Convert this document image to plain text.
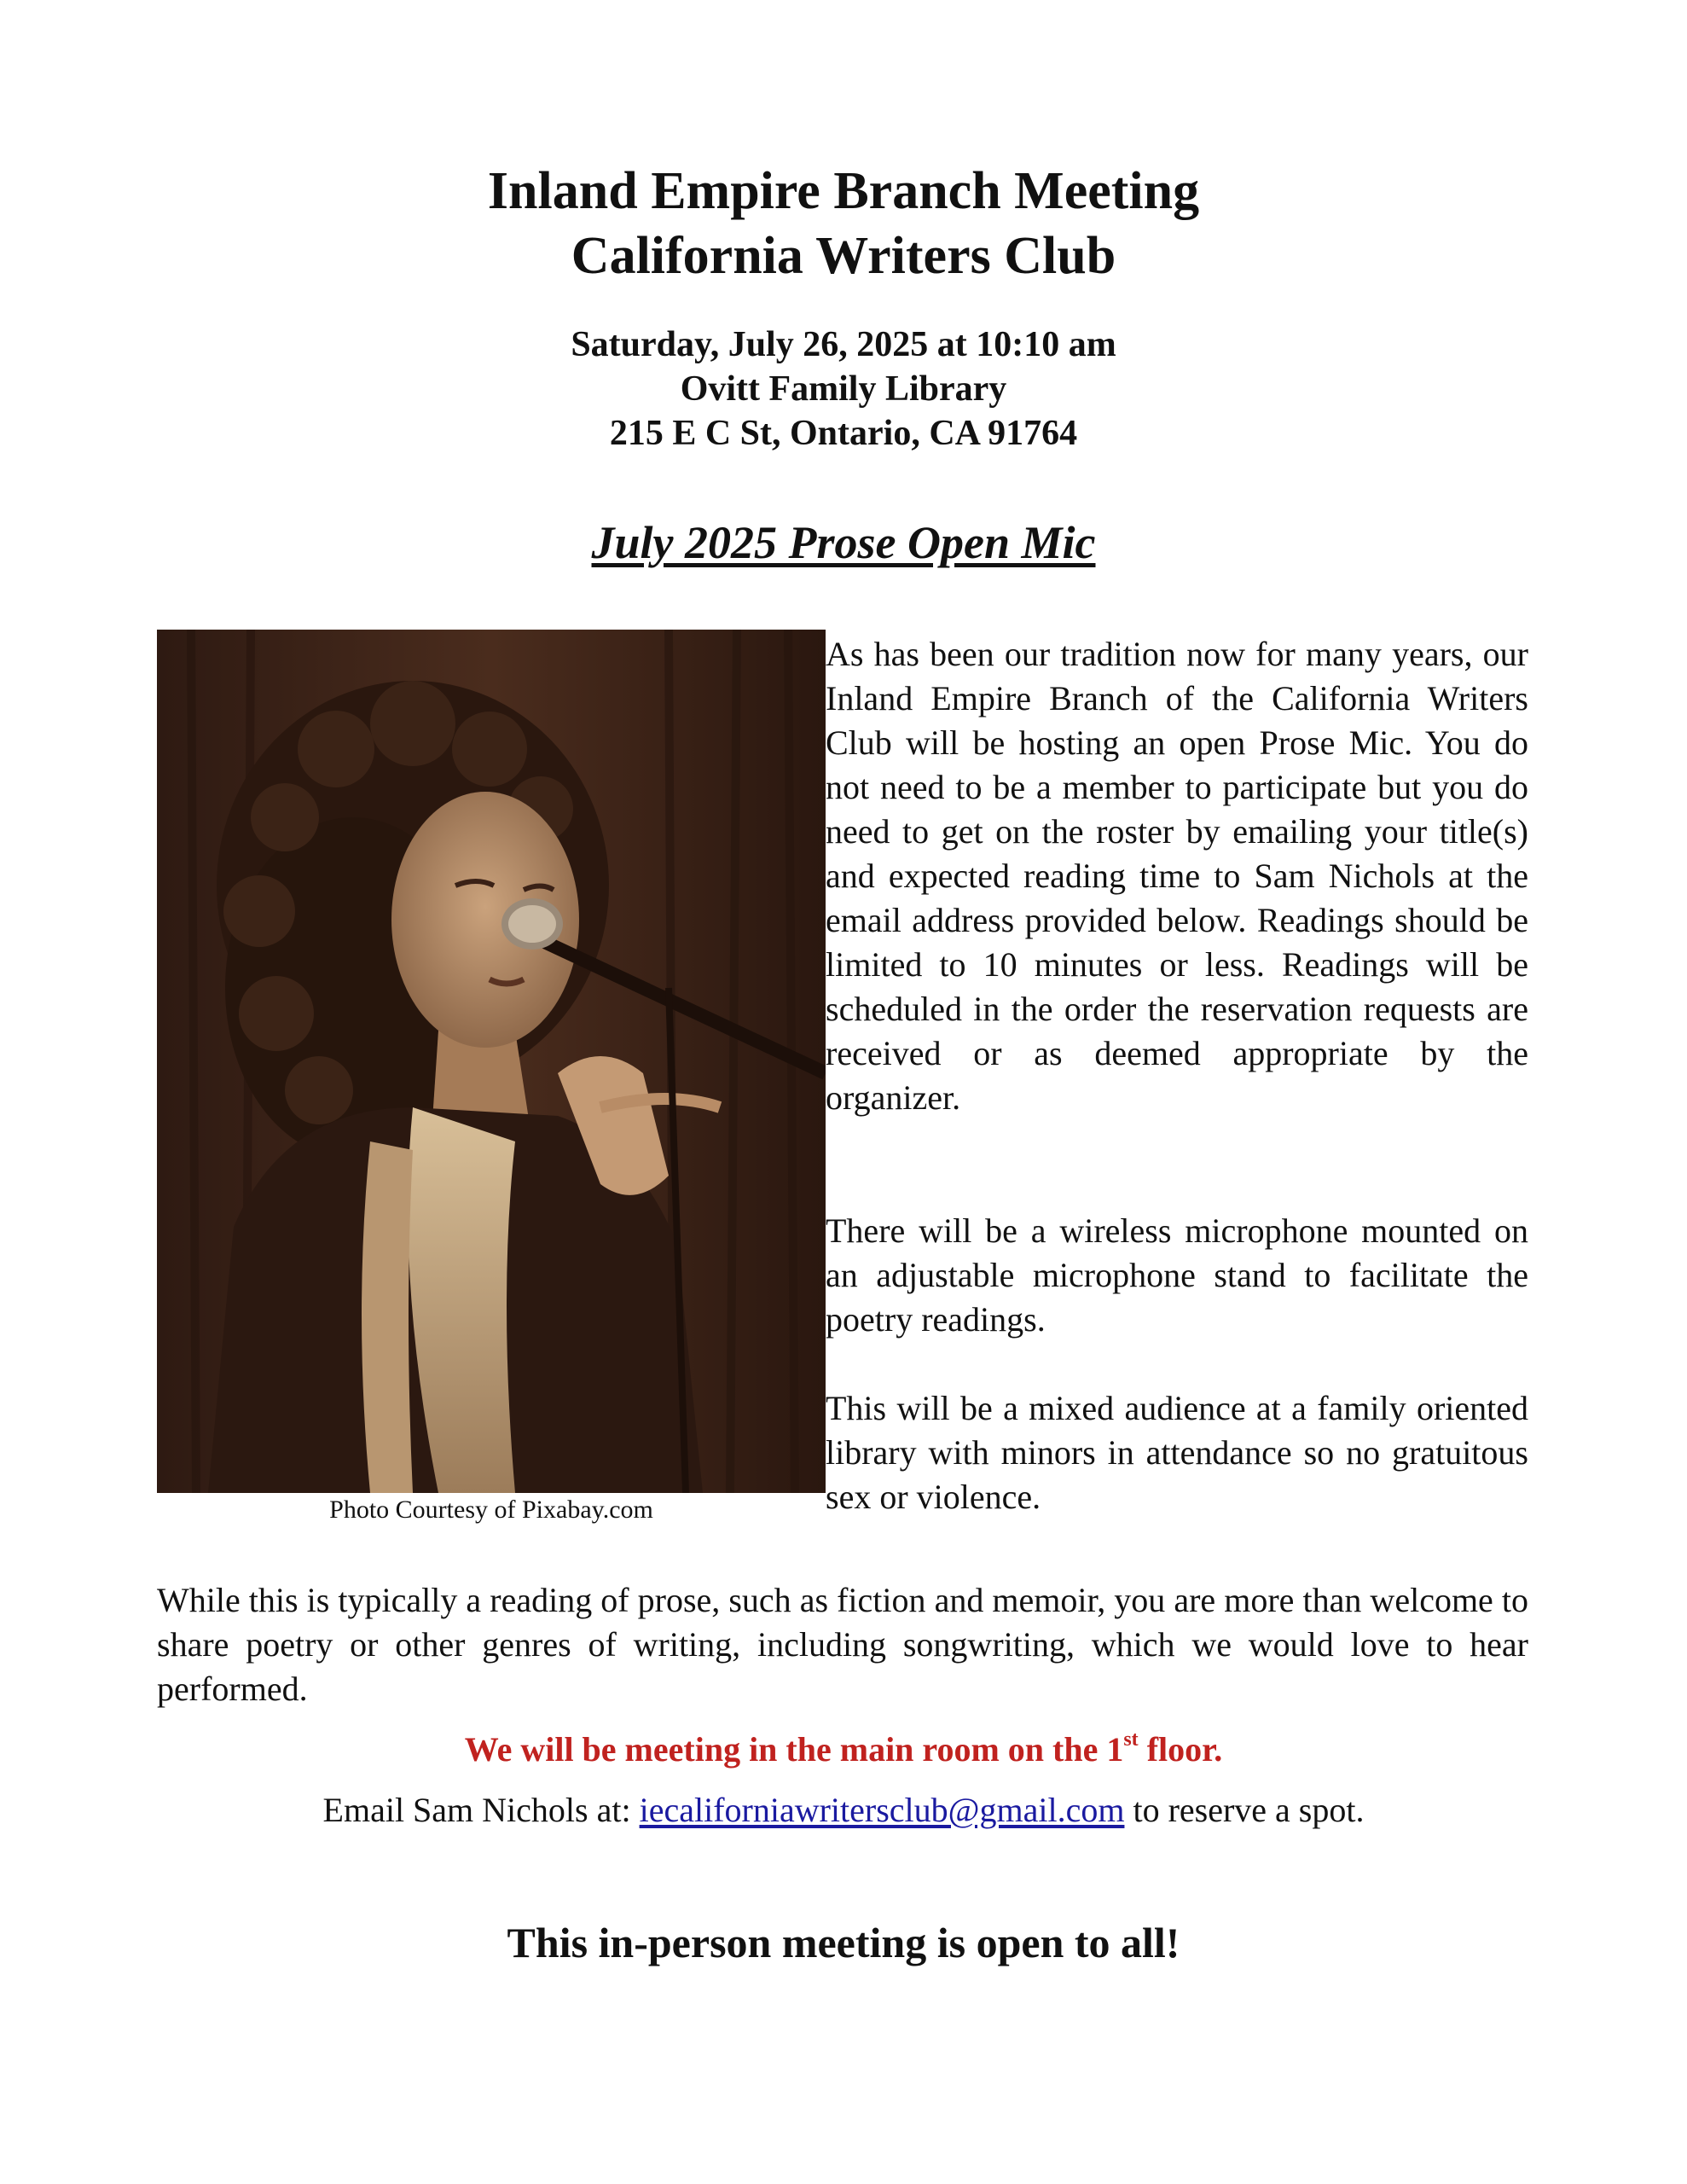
Inland Empire Branch Meeting
California Writers Club

Saturday, July 26, 2025 at 10:10 am

Ovitt Family Library

215 E C St, Ontario, CA 91764

July 2025 Prose Open Mic
Photo Courtesy of Pixabay.com

As has been our tradition now for many years, our Inland Empire Branch of the California Writers Club will be hosting an open Prose Mic. You do not need to be a member to participate but you do need to get on the roster by emailing your title(s) and expected reading time to Sam Nichols at the email address provided below. Readings should be limited to 10 minutes or less. Readings will be scheduled in the order the reservation requests are received or as deemed appropriate by the organizer.

There will be a wireless microphone mounted on an adjustable microphone stand to facilitate the poetry readings.

This will be a mixed audience at a family oriented library with minors in attendance so no gratuitous sex or violence.

While this is typically a reading of prose, such as fiction and memoir, you are more than welcome to share poetry or other genres of writing, including songwriting, which we would love to hear performed.

We will be meeting in the main room on the 1st floor.

Email Sam Nichols at: iecaliforniawritersclub@gmail.com to reserve a spot.

This in-person meeting is open to all!
